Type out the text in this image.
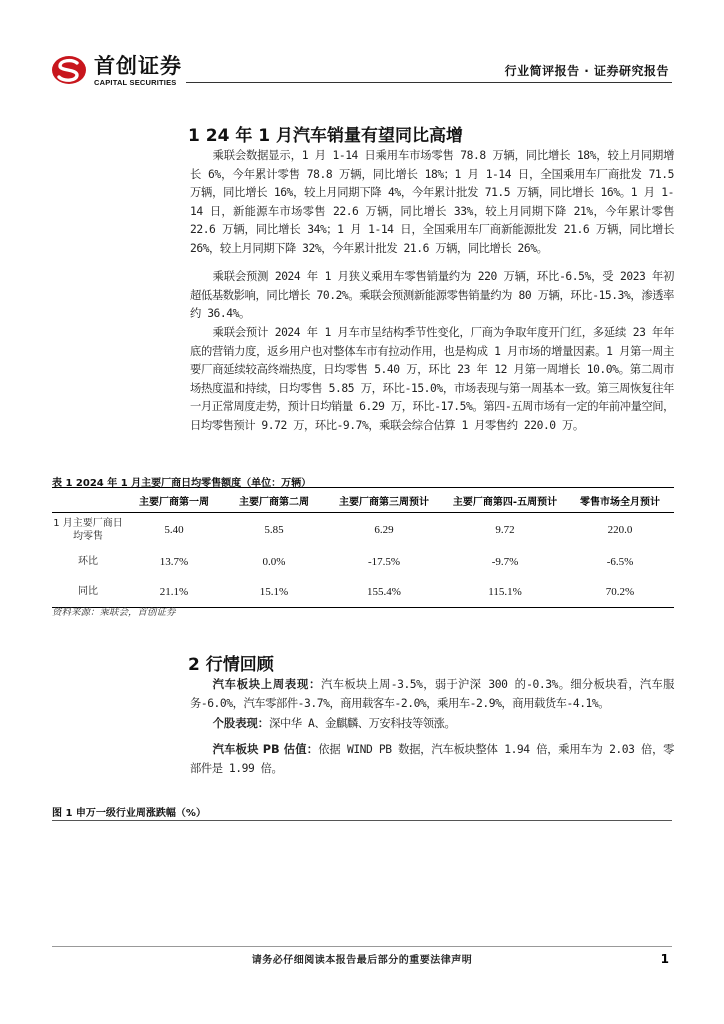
首创证券
CAPITAL SECURITIES
行业简评报告 · 证券研究报告
1 24 年 1 月汽车销量有望同比高增
乘联会数据显示，1 月 1-14 日乘用车市场零售 78.8 万辆，同比增长 18%，较上月同期增长 6%，今年累计零售 78.8 万辆，同比增长 18%；1 月 1-14 日，全国乘用车厂商批发 71.5 万辆，同比增长 16%，较上月同期下降 4%，今年累计批发 71.5 万辆，同比增长 16%。1 月 1-14 日，新能源车市场零售 22.6 万辆，同比增长 33%，较上月同期下降 21%，今年累计零售 22.6 万辆，同比增长 34%；1 月 1-14 日，全国乘用车厂商新能源批发 21.6 万辆，同比增长 26%，较上月同期下降 32%，今年累计批发 21.6 万辆，同比增长 26%。
乘联会预测 2024 年 1 月狭义乘用车零售销量约为 220 万辆，环比-6.5%，受 2023 年初超低基数影响，同比增长 70.2%。乘联会预测新能源零售销量约为 80 万辆，环比-15.3%，渗透率约 36.4%。
乘联会预计 2024 年 1 月车市呈结构季节性变化，厂商为争取年度开门红，多延续 23 年年底的营销力度，返乡用户也对整体车市有拉动作用，也是构成 1 月市场的增量因素。1 月第一周主要厂商延续较高终端热度，日均零售 5.40 万，环比 23 年 12 月第一周增长 10.0%。第二周市场热度温和持续，日均零售 5.85 万，环比-15.0%，市场表现与第一周基本一致。第三周恢复往年一月正常周度走势，预计日均销量 6.29 万，环比-17.5%。第四-五周市场有一定的年前冲量空间，日均零售预计 9.72 万，环比-9.7%，乘联会综合估算 1 月零售约 220.0 万。
表 1 2024 年 1 月主要厂商日均零售额度（单位：万辆）
	主要厂商第一周	主要厂商第二周	主要厂商第三周预计	主要厂商第四-五周预计	零售市场全月预计
1 月主要厂商日均零售	5.40	5.85	6.29	9.72	220.0
环比	13.7%	0.0%	-17.5%	-9.7%	-6.5%
同比	21.1%	15.1%	155.4%	115.1%	70.2%
资料来源：乘联会，首创证券
2 行情回顾
汽车板块上周表现：汽车板块上周-3.5%，弱于沪深 300 的-0.3%。细分板块看，汽车服务-6.0%，汽车零部件-3.7%，商用载客车-2.0%，乘用车-2.9%，商用载货车-4.1%。
个股表现：深中华 A、金麒麟、万安科技等领涨。
汽车板块 PB 估值：依据 WIND PB 数据，汽车板块整体 1.94 倍，乘用车为 2.03 倍，零部件是 1.99 倍。
图 1 申万一级行业周涨跌幅（%）
请务必仔细阅读本报告最后部分的重要法律声明	1
